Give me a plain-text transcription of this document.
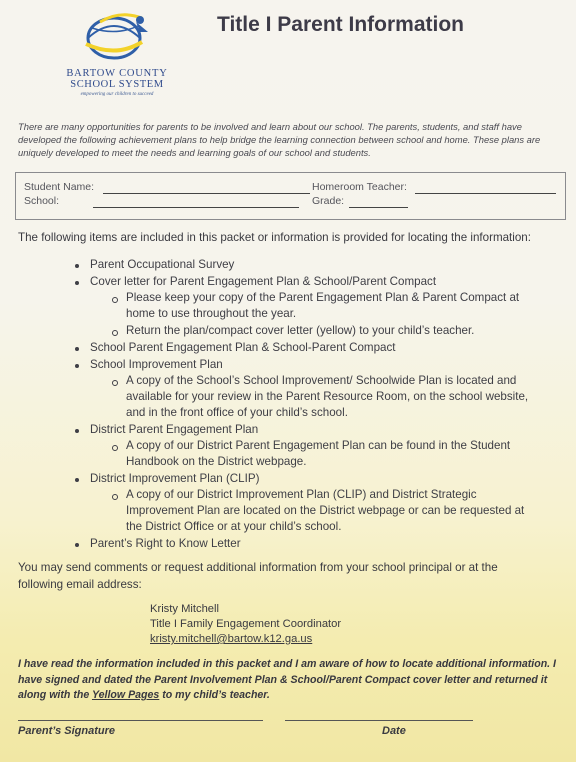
BARTOW COUNTY
SCHOOL SYSTEM
empowering our children to succeed
Title I Parent Information
There are many opportunities for parents to be involved and learn about our school. The parents, students, and staff have developed the following achievement plans to help bridge the learning connection between school and home. These plans are uniquely developed to meet the needs and learning goals of our school and students.
Student Name:
School:
Homeroom Teacher:
Grade:
The following items are included in this packet or information is provided for locating the information:
Parent Occupational Survey
Cover letter for Parent Engagement Plan & School/Parent Compact
Please keep your copy of the Parent Engagement Plan & Parent Compact at
home to use throughout the year.
Return the plan/compact cover letter (yellow) to your child’s teacher.
School Parent Engagement Plan & School-Parent Compact
School Improvement Plan
A copy of the School’s School Improvement/ Schoolwide Plan is located and
available for your review in the Parent Resource Room, on the school website,
and in the front office of your child’s school.
District Parent Engagement Plan
A copy of our District Parent Engagement Plan can be found in the Student
Handbook on the District webpage.
District Improvement Plan (CLIP)
A copy of our District Improvement Plan (CLIP) and District Strategic
Improvement Plan are located on the District webpage or can be requested at
the District Office or at your child’s school.
Parent’s Right to Know Letter
You may send comments or request additional information from your school principal or at the following email address:
Kristy Mitchell
Title I Family Engagement Coordinator
kristy.mitchell@bartow.k12.ga.us
I have read the information included in this packet and I am aware of how to locate additional information. I have signed and dated the Parent Involvement Plan & School/Parent Compact cover letter and returned it along with the Yellow Pages to my child’s teacher.
Parent’s Signature	Date
